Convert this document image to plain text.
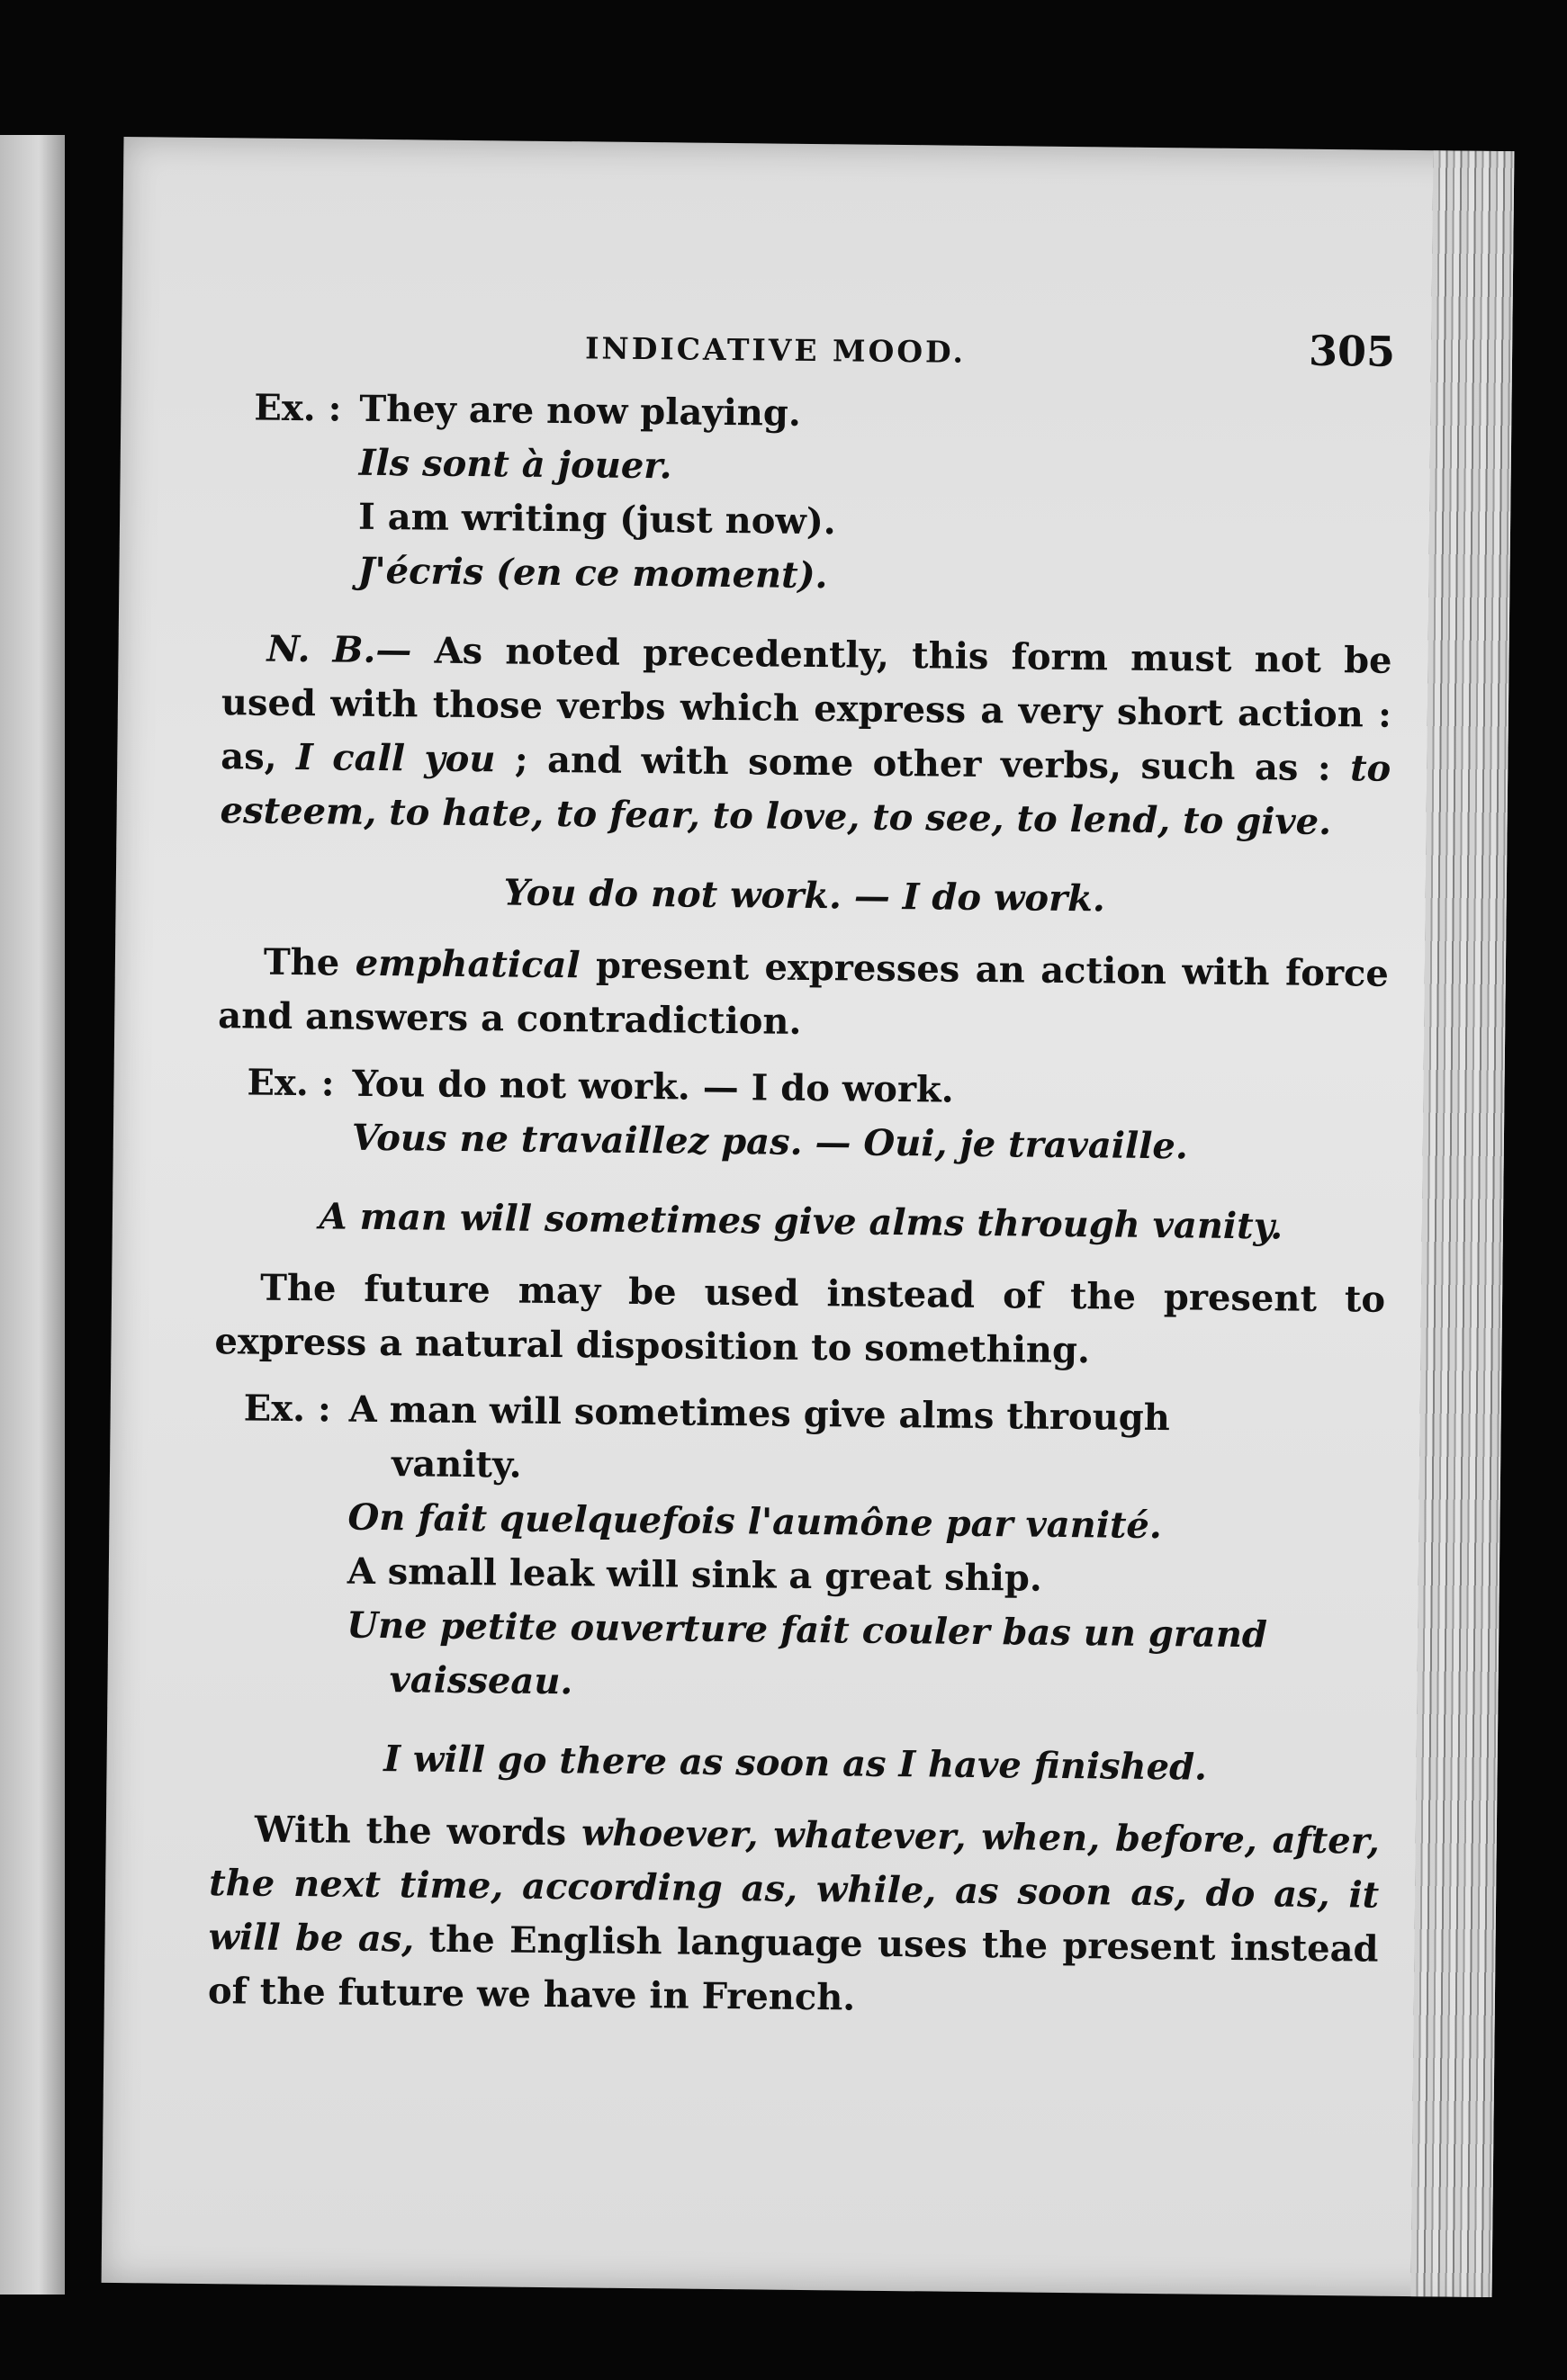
INDICATIVE MOOD.	305
Ex. : They are now playing.
Ils sont à jouer.
I am writing (just now).
J'écris (en ce moment).

N. B.— As noted precedently, this form must not be used with those verbs which express a very short action : as, I call you ; and with some other verbs, such as : to esteem, to hate, to fear, to love, to see, to lend, to give.

You do not work. — I do work.

The emphatical present expresses an action with force and answers a contradiction.

Ex. : You do not work. — I do work.
Vous ne travaillez pas. — Oui, je travaille.
A man will sometimes give alms through vanity.

The future may be used instead of the present to express a natural disposition to something.

Ex. : A man will sometimes give alms through
vanity.
On fait quelquefois l'aumône par vanité.
A small leak will sink a great ship.
Une petite ouverture fait couler bas un grand
vaisseau.
I will go there as soon as I have finished.

With the words whoever, whatever, when, before, after, the next time, according as, while, as soon as, do as, it will be as, the English language uses the present instead of the future we have in French.
